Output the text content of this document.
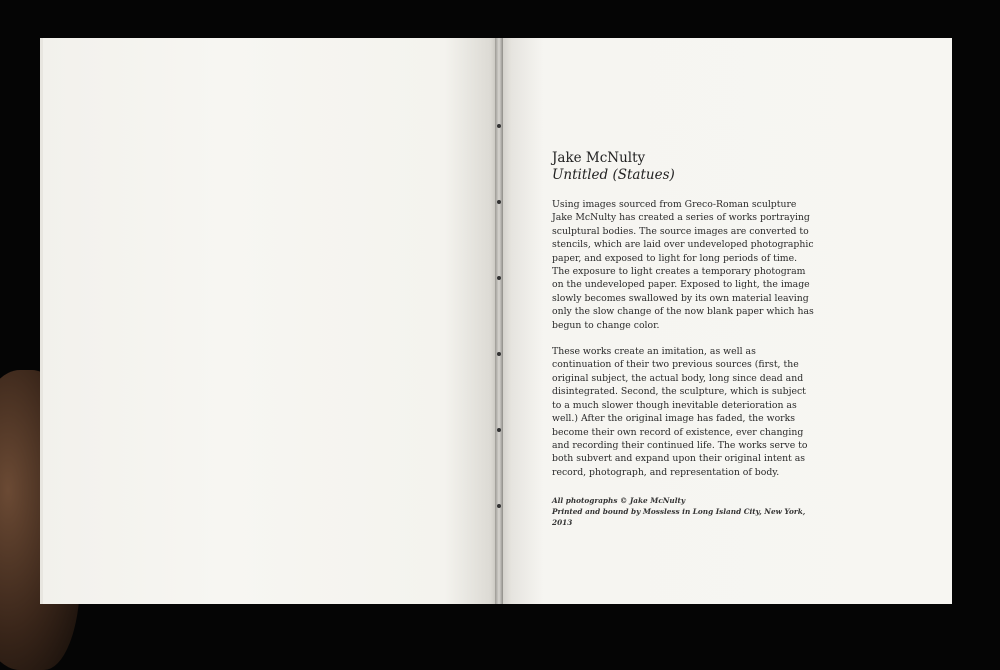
Jake McNulty
Untitled (Statues)

Using images sourced from Greco-Roman sculpture Jake McNulty has created a series of works portraying sculptural bodies. The source images are converted to stencils, which are laid over undeveloped photographic paper, and exposed to light for long periods of time. The exposure to light creates a temporary photogram on the undeveloped paper. Exposed to light, the image slowly becomes swallowed by its own material leaving only the slow change of the now blank paper which has begun to change color.

These works create an imitation, as well as continuation of their two previous sources (first, the original subject, the actual body, long since dead and disintegrated. Second, the sculpture, which is subject to a much slower though inevitable deterioration as well.) After the original image has faded, the works become their own record of existence, ever changing and recording their continued life. The works serve to both subvert and expand upon their original intent as record, photograph, and representation of body.

All photographs © Jake McNulty
Printed and bound by Mossless in Long Island City, New York, 2013
